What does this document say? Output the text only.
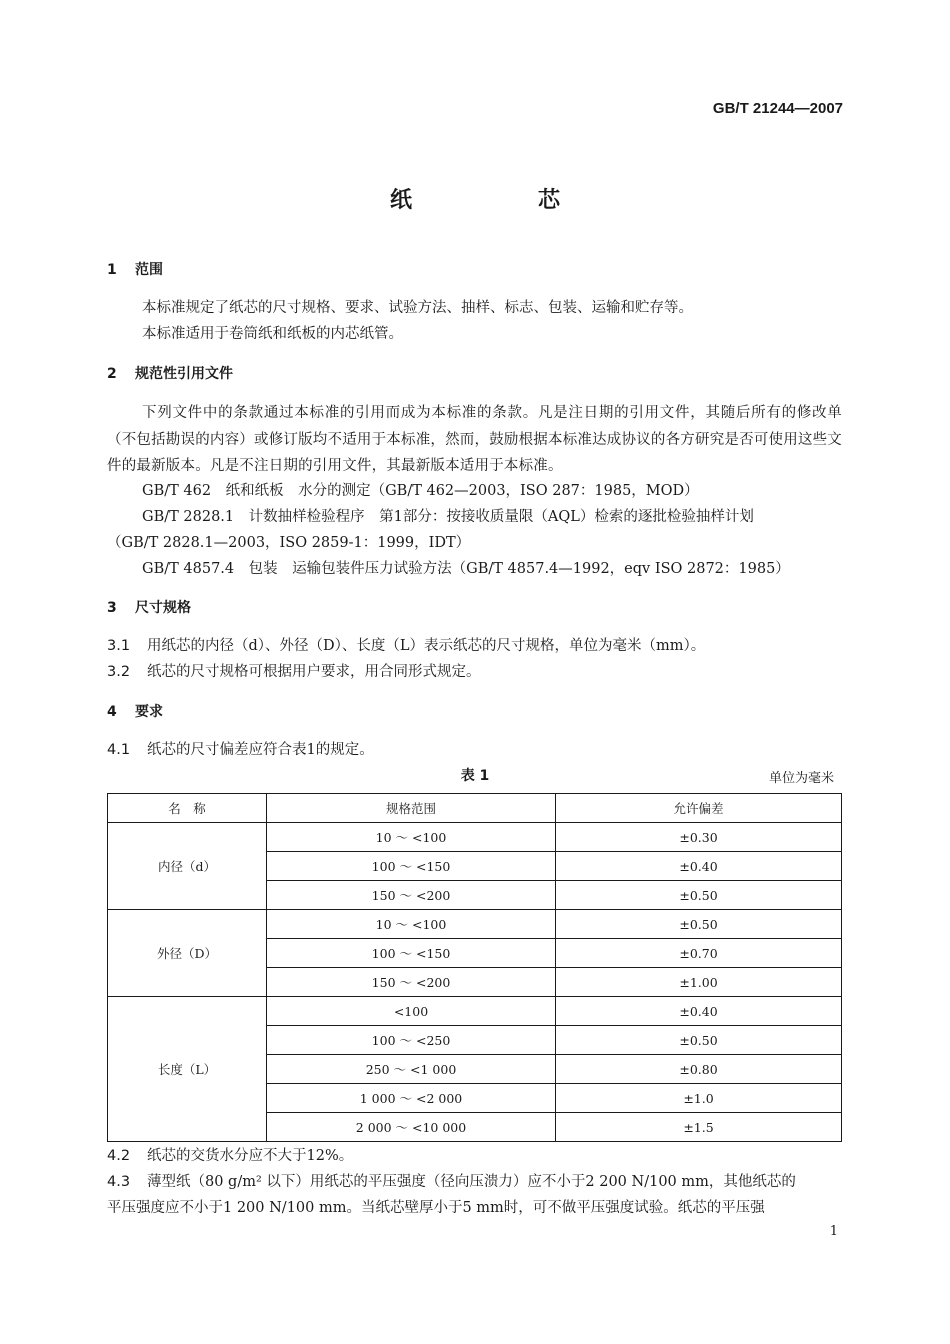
GB/T 21244—2007
纸　芯
1 范围
本标准规定了纸芯的尺寸规格、要求、试验方法、抽样、标志、包装、运输和贮存等。
本标准适用于卷筒纸和纸板的内芯纸管。
2 规范性引用文件
下列文件中的条款通过本标准的引用而成为本标准的条款。凡是注日期的引用文件，其随后所有的修改单（不包括勘误的内容）或修订版均不适用于本标准，然而，鼓励根据本标准达成协议的各方研究是否可使用这些文件的最新版本。凡是不注日期的引用文件，其最新版本适用于本标准。
GB/T 462　纸和纸板　水分的测定（GB/T 462—2003，ISO 287：1985，MOD）
GB/T 2828.1　计数抽样检验程序　第1部分：按接收质量限（AQL）检索的逐批检验抽样计划
（GB/T 2828.1—2003，ISO 2859-1：1999，IDT）
GB/T 4857.4　包装　运输包装件压力试验方法（GB/T 4857.4—1992，eqv ISO 2872：1985）
3 尺寸规格
3.1 用纸芯的内径（d）、外径（D）、长度（L）表示纸芯的尺寸规格，单位为毫米（mm）。
3.2 纸芯的尺寸规格可根据用户要求，用合同形式规定。
4 要求
4.1 纸芯的尺寸偏差应符合表1的规定。
表 1	单位为毫米
名　称	规格范围	允许偏差
内径（d）	10 ～ <100	±0.30
	100 ～ <150	±0.40
	150 ～ <200	±0.50
外径（D）	10 ～ <100	±0.50
	100 ～ <150	±0.70
	150 ～ <200	±1.00
长度（L）	<100	±0.40
	100 ～ <250	±0.50
	250 ～ <1 000	±0.80
	1 000 ～ <2 000	±1.0
	2 000 ～ <10 000	±1.5
4.2 纸芯的交货水分应不大于12%。
4.3 薄型纸（80 g/m² 以下）用纸芯的平压强度（径向压溃力）应不小于2 200 N/100 mm，其他纸芯的
平压强度应不小于1 200 N/100 mm。当纸芯壁厚小于5 mm时，可不做平压强度试验。纸芯的平压强
1
